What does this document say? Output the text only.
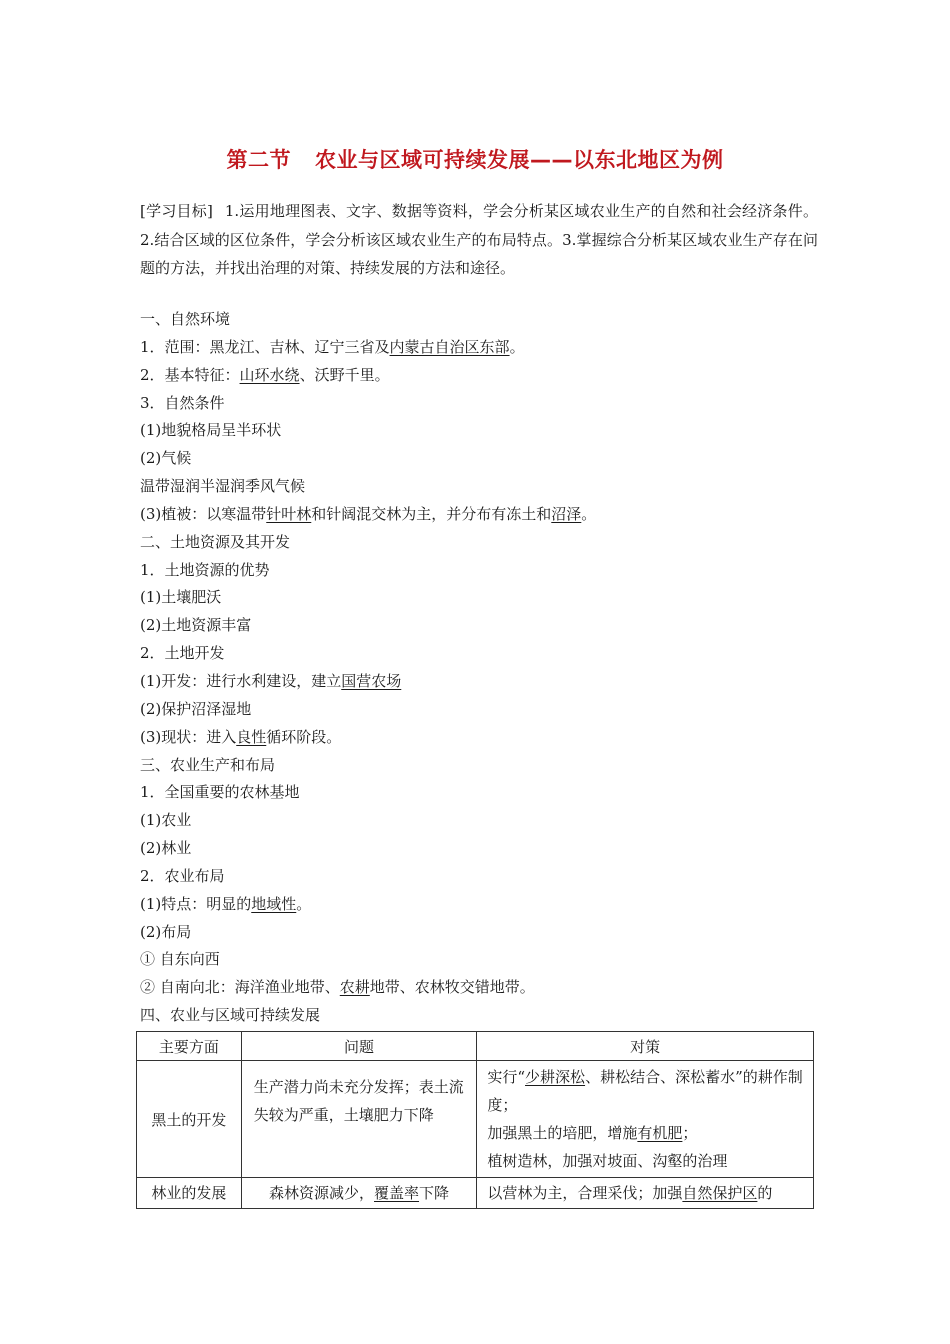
第二节 农业与区域可持续发展——以东北地区为例
[学习目标] 1.运用地理图表、文字、数据等资料，学会分析某区域农业生产的自然和社会经济条件。2.结合区域的区位条件，学会分析该区域农业生产的布局特点。3.掌握综合分析某区域农业生产存在问题的方法，并找出治理的对策、持续发展的方法和途径。
一、自然环境
1．范围：黑龙江、吉林、辽宁三省及内蒙古自治区东部。
2．基本特征：山环水绕、沃野千里。
3．自然条件
(1)地貌格局呈半环状
(2)气候
温带湿润半湿润季风气候
(3)植被：以寒温带针叶林和针阔混交林为主，并分布有冻土和沼泽。
二、土地资源及其开发
1．土地资源的优势
(1)土壤肥沃
(2)土地资源丰富
2．土地开发
(1)开发：进行水利建设，建立国营农场
(2)保护沼泽湿地
(3)现状：进入良性循环阶段。
三、农业生产和布局
1．全国重要的农林基地
(1)农业
(2)林业
2．农业布局
(1)特点：明显的地域性。
(2)布局
① 自东向西
② 自南向北：海洋渔业地带、农耕地带、农林牧交错地带。
四、农业与区域可持续发展
主要方面	问题	对策
黑土的开发	生产潜力尚未充分发挥；表土流失较为严重，土壤肥力下降	实行“少耕深松、耕松结合、深松蓄水”的耕作制度；
加强黑土的培肥，增施有机肥；
植树造林，加强对坡面、沟壑的治理

林业的发展	森林资源减少，覆盖率下降	以营林为主，合理采伐；加强自然保护区的
